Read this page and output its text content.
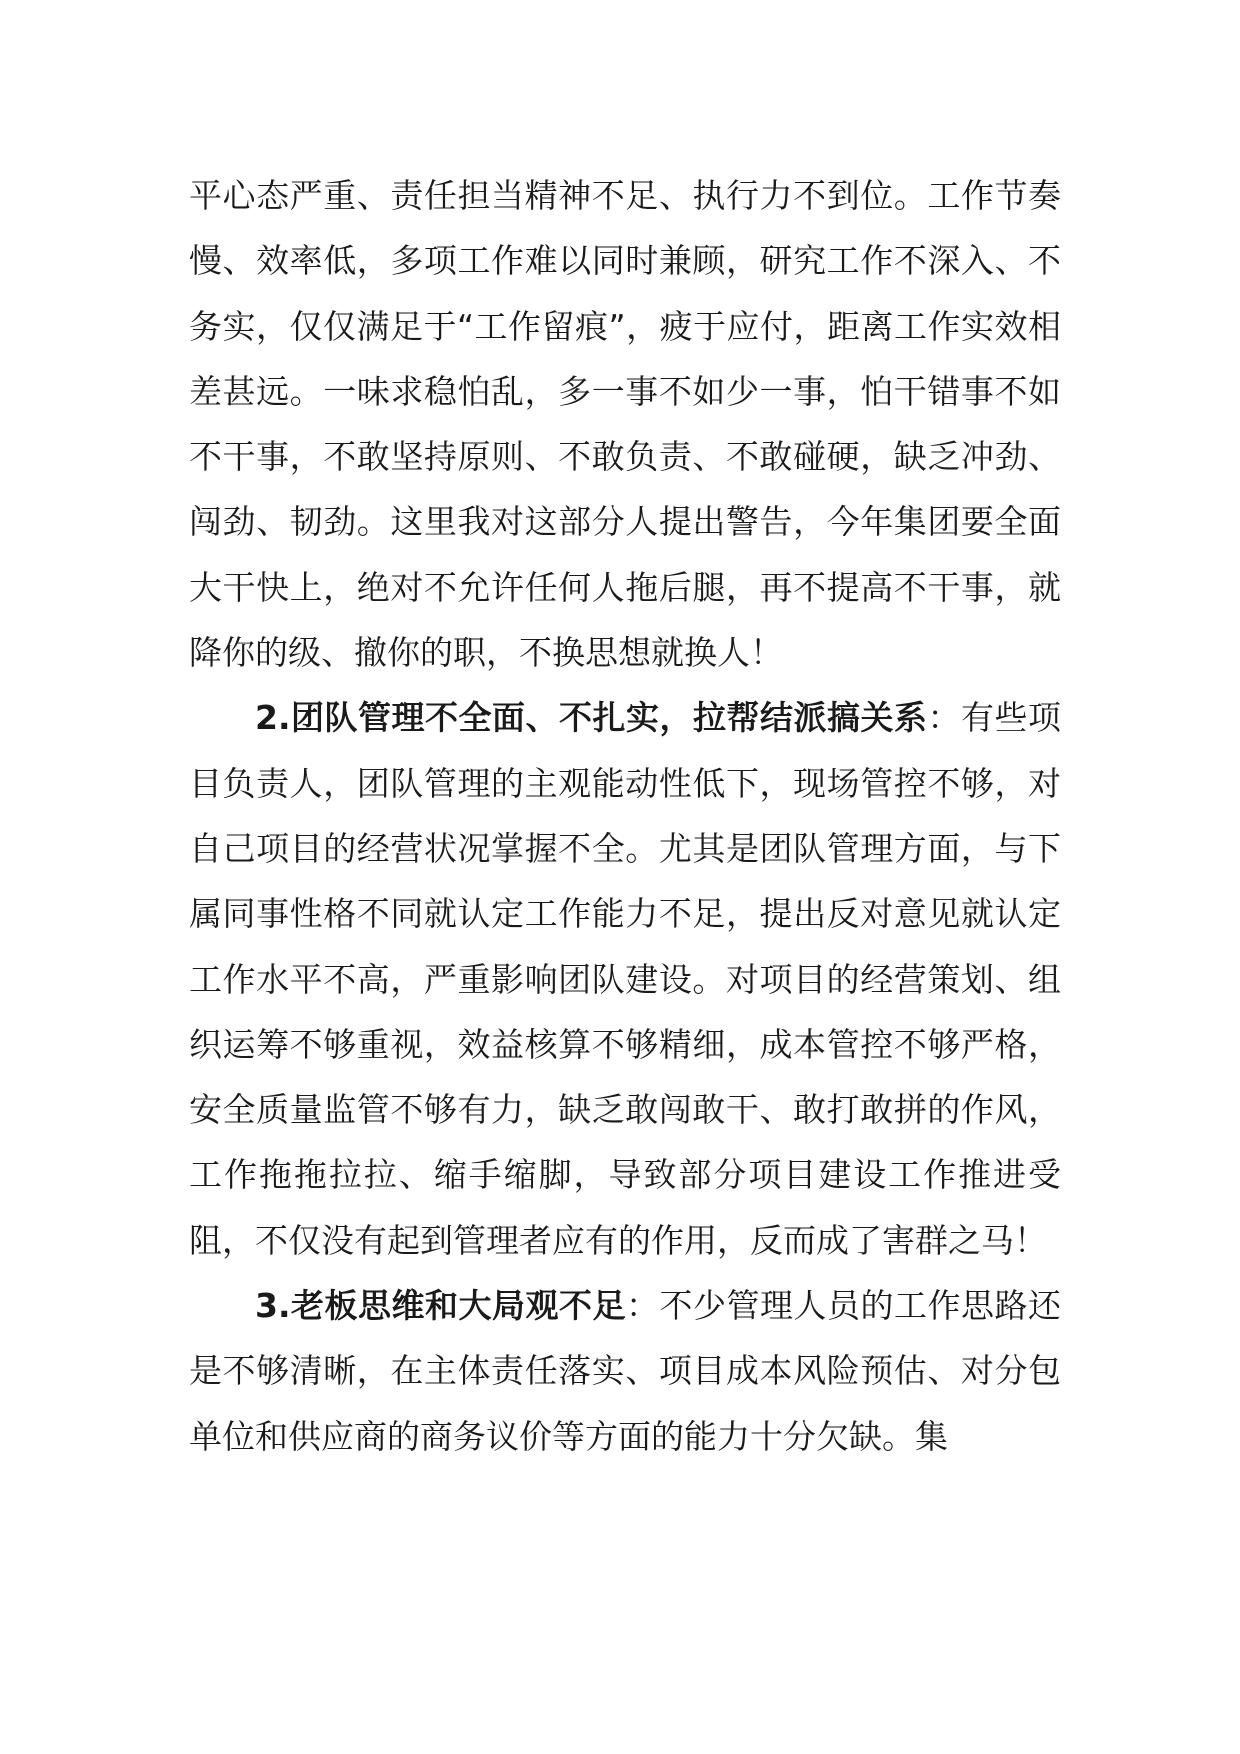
平心态严重、责任担当精神不足、执行力不到位。工作节奏慢、效率低，多项工作难以同时兼顾，研究工作不深入、不务实，仅仅满足于“工作留痕”，疲于应付，距离工作实效相差甚远。一味求稳怕乱，多一事不如少一事，怕干错事不如不干事，不敢坚持原则、不敢负责、不敢碰硬，缺乏冲劲、闯劲、韧劲。这里我对这部分人提出警告，今年集团要全面大干快上，绝对不允许任何人拖后腿，再不提高不干事，就降你的级、撤你的职，不换思想就换人！

2.团队管理不全面、不扎实，拉帮结派搞关系：有些项目负责人，团队管理的主观能动性低下，现场管控不够，对自己项目的经营状况掌握不全。尤其是团队管理方面，与下属同事性格不同就认定工作能力不足，提出反对意见就认定工作水平不高，严重影响团队建设。对项目的经营策划、组织运筹不够重视，效益核算不够精细，成本管控不够严格，安全质量监管不够有力，缺乏敢闯敢干、敢打敢拼的作风，工作拖拖拉拉、缩手缩脚，导致部分项目建设工作推进受阻，不仅没有起到管理者应有的作用，反而成了害群之马！

3.老板思维和大局观不足：不少管理人员的工作思路还是不够清晰，在主体责任落实、项目成本风险预估、对分包单位和供应商的商务议价等方面的能力十分欠缺。集
